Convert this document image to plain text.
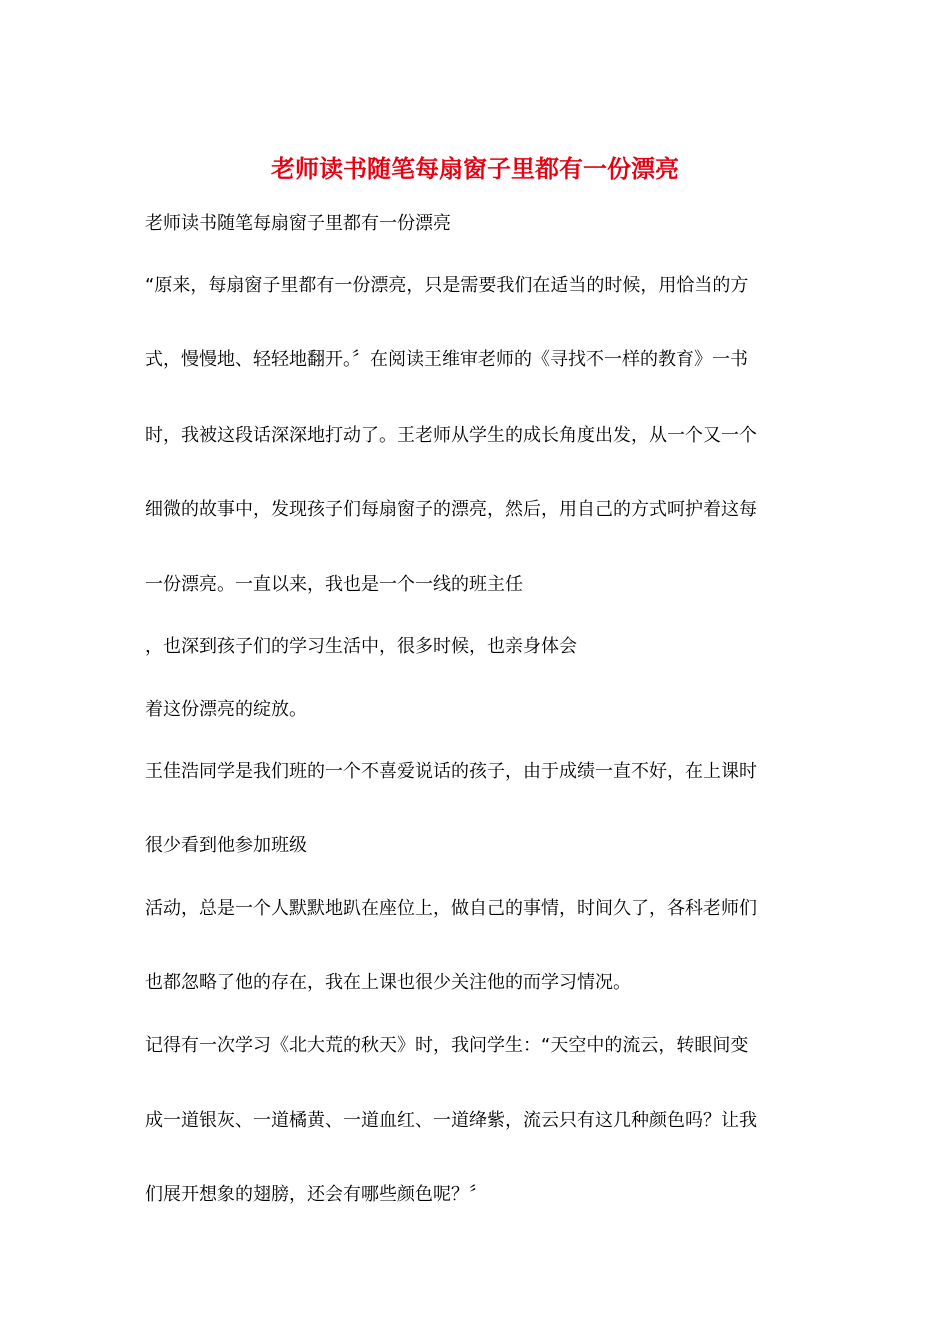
老师读书随笔每扇窗子里都有一份漂亮

老师读书随笔每扇窗子里都有一份漂亮

“原来，每扇窗子里都有一份漂亮，只是需要我们在适当的时候，用恰当的方

式，慢慢地、轻轻地翻开。〞在阅读王维审老师的《寻找不一样的教育》一书

时，我被这段话深深地打动了。王老师从学生的成长角度出发，从一个又一个

细微的故事中，发现孩子们每扇窗子的漂亮，然后，用自己的方式呵护着这每

一份漂亮。一直以来，我也是一个一线的班主任

，也深到孩子们的学习生活中，很多时候，也亲身体会

着这份漂亮的绽放。

王佳浩同学是我们班的一个不喜爱说话的孩子，由于成绩一直不好，在上课时

很少看到他参加班级

活动，总是一个人默默地趴在座位上，做自己的事情，时间久了，各科老师们

也都忽略了他的存在，我在上课也很少关注他的而学习情况。

记得有一次学习《北大荒的秋天》时，我问学生：“天空中的流云，转眼间变

成一道银灰、一道橘黄、一道血红、一道绛紫，流云只有这几种颜色吗？让我

们展开想象的翅膀，还会有哪些颜色呢？〞
